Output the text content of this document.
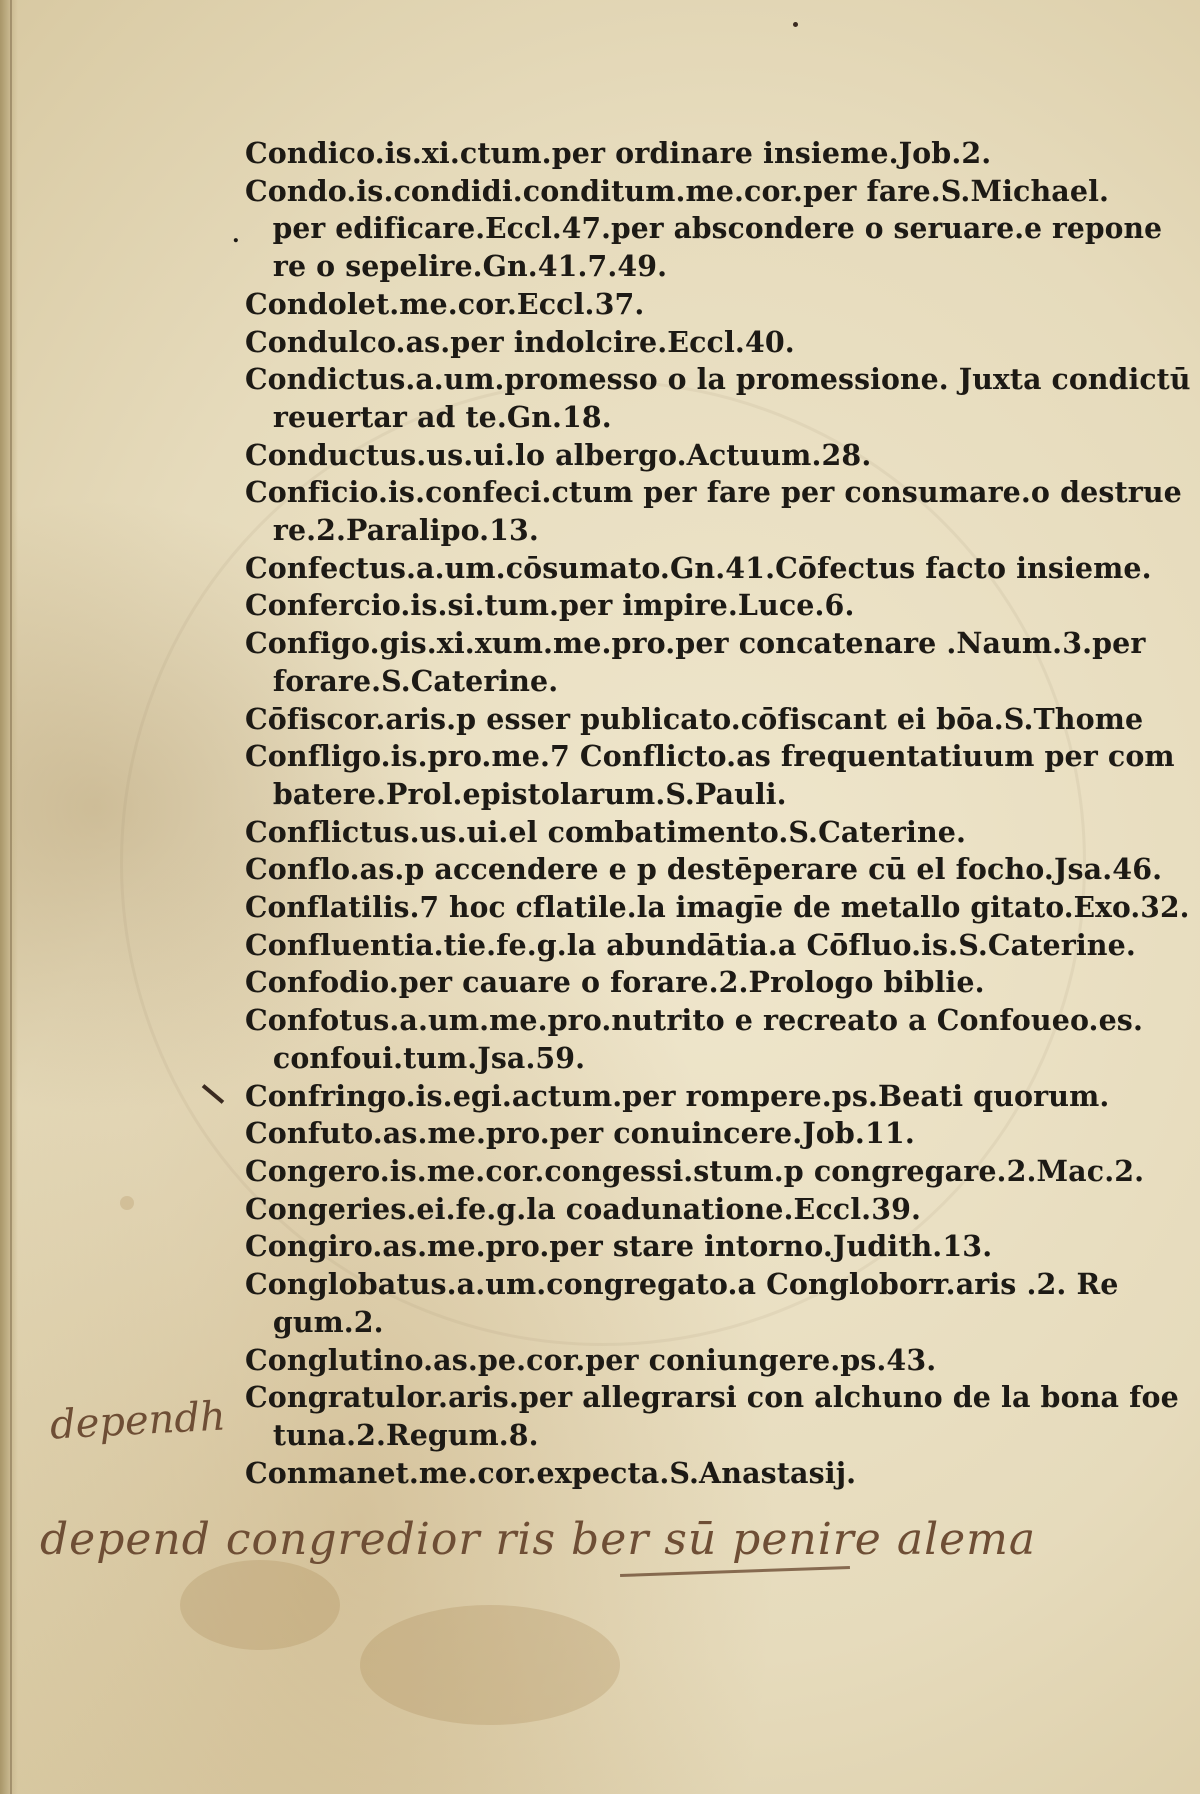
.
Condico.is.xi.ctum.per ordinare insieme.Job.2.
Condo.is.condidi.conditum.me.cor.per fare.S.Michael.
per edificare.Eccl.47.per abscondere o seruare.e repone
re o sepelire.Gn.41.7.49.
Condolet.me.cor.Eccl.37.
Condulco.as.per indolcire.Eccl.40.
Condictus.a.um.promesso o la promessione. Juxta condictū
reuertar ad te.Gn.18.
Conductus.us.ui.lo albergo.Actuum.28.
Conficio.is.confeci.ctum per fare per consumare.o destrue
re.2.Paralipo.13.
Confectus.a.um.cōsumato.Gn.41.Cōfectus facto insieme.
Confercio.is.si.tum.per impire.Luce.6.
Configo.gis.xi.xum.me.pro.per concatenare .Naum.3.per
forare.S.Caterine.
Cōfiscor.aris.p esser publicato.cōfiscant ei bōa.S.Thome
Confligo.is.pro.me.7 Conflicto.as frequentatiuum per com
batere.Prol.epistolarum.S.Pauli.
Conflictus.us.ui.el combatimento.S.Caterine.
Conflo.as.p accendere e p destēperare cū el focho.Jsa.46.
Conflatilis.7 hoc cflatile.la imagīe de metallo gitato.Exo.32.
Confluentia.tie.fe.g.la abundātia.a Cōfluo.is.S.Caterine.
Confodio.per cauare o forare.2.Prologo biblie.
Confotus.a.um.me.pro.nutrito e recreato a Confoueo.es.
confoui.tum.Jsa.59.
Confringo.is.egi.actum.per rompere.ps.Beati quorum.
Confuto.as.me.pro.per conuincere.Job.11.
Congero.is.me.cor.congessi.stum.p congregare.2.Mac.2.
Congeries.ei.fe.g.la coadunatione.Eccl.39.
Congiro.as.me.pro.per stare intorno.Judith.13.
Conglobatus.a.um.congregato.a Congloborr.aris .2. Re
gum.2.
Conglutino.as.pe.cor.per coniungere.ps.43.
Congratulor.aris.per allegrarsi con alchuno de la bona foe
tuna.2.Regum.8.
Conmanet.me.cor.expecta.S.Anastasij.
dependh
depend congredior ris ber sū penire alema
